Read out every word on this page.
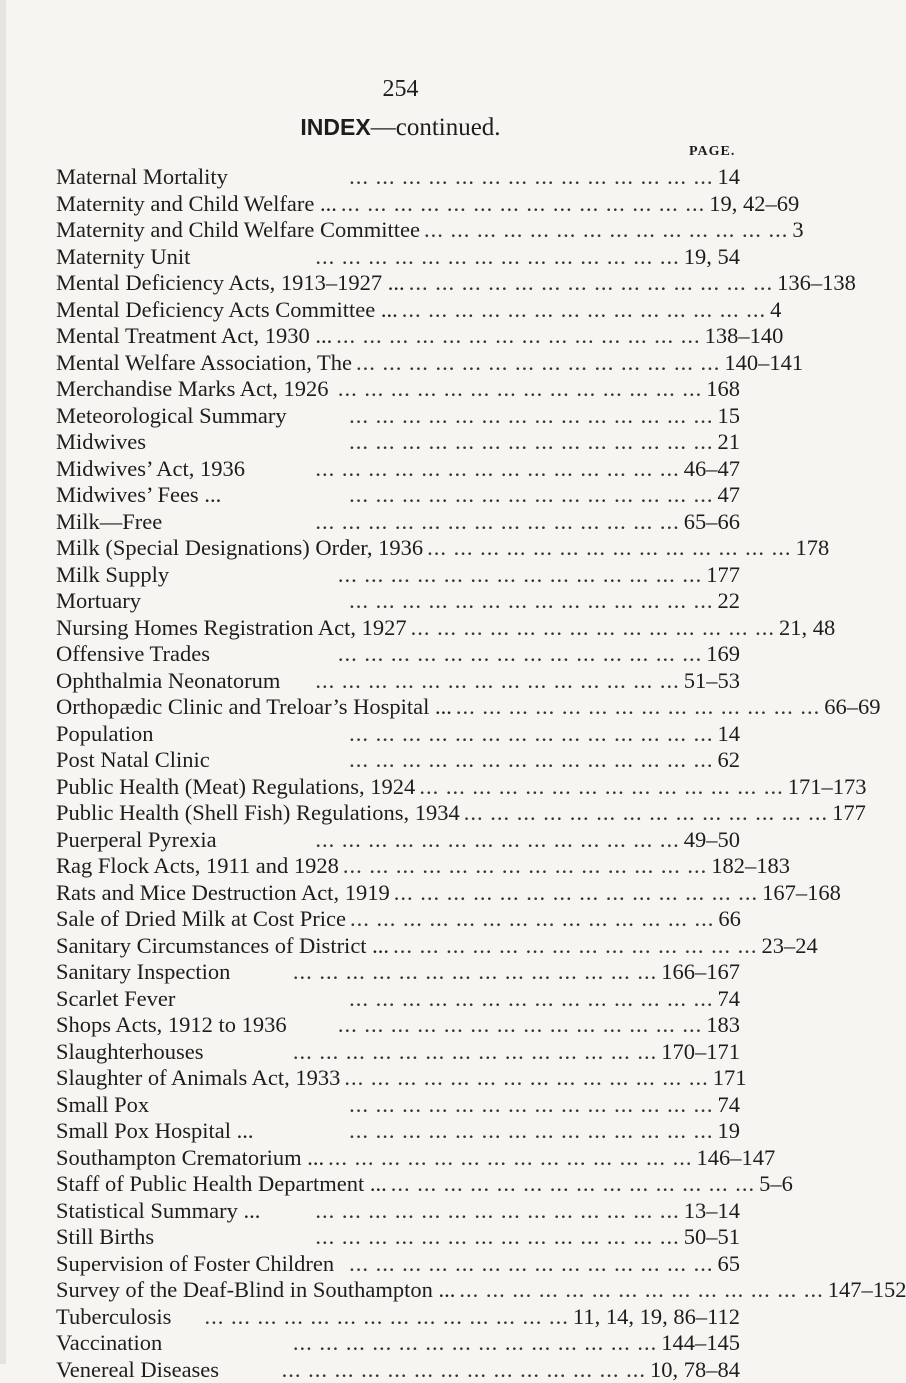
254
INDEX—continued.
PAGE.
Maternal Mortality	... ... ... ... ... ... ... ... ... ... ... ... ... ... 14
Maternity and Child Welfare ... ... ... ... ... ... ... ... ... ... ... ... ... ... ... 19, 42–69
Maternity and Child Welfare Committee ... ... ... ... ... ... ... ... ... ... ... ... ... ... 3
Maternity Unit	... ... ... ... ... ... ... ... ... ... ... ... ... ... 19, 54
Mental Deficiency Acts, 1913–1927 ... ... ... ... ... ... ... ... ... ... ... ... ... ... ... 136–138
Mental Deficiency Acts Committee ... ... ... ... ... ... ... ... ... ... ... ... ... ... ... 4
Mental Treatment Act, 1930 ... ... ... ... ... ... ... ... ... ... ... ... ... ... ... 138–140
Mental Welfare Association, The ... ... ... ... ... ... ... ... ... ... ... ... ... ... 140–141
Merchandise Marks Act, 1926 ... ... ... ... ... ... ... ... ... ... ... ... ... ... 168
Meteorological Summary	... ... ... ... ... ... ... ... ... ... ... ... ... ... 15
Midwives	... ... ... ... ... ... ... ... ... ... ... ... ... ... 21
Midwives’ Act, 1936	... ... ... ... ... ... ... ... ... ... ... ... ... ... 46–47
Midwives’ Fees ...	... ... ... ... ... ... ... ... ... ... ... ... ... ... 47
Milk—Free	... ... ... ... ... ... ... ... ... ... ... ... ... ... 65–66
Milk (Special Designations) Order, 1936 ... ... ... ... ... ... ... ... ... ... ... ... ... ... 178
Milk Supply	... ... ... ... ... ... ... ... ... ... ... ... ... ... 177
Mortuary	... ... ... ... ... ... ... ... ... ... ... ... ... ... 22
Nursing Homes Registration Act, 1927 ... ... ... ... ... ... ... ... ... ... ... ... ... ... 21, 48
Offensive Trades	... ... ... ... ... ... ... ... ... ... ... ... ... ... 169
Ophthalmia Neonatorum	... ... ... ... ... ... ... ... ... ... ... ... ... ... 51–53
Orthopædic Clinic and Treloar’s Hospital ... ... ... ... ... ... ... ... ... ... ... ... ... ... ... 66–69
Population	... ... ... ... ... ... ... ... ... ... ... ... ... ... 14
Post Natal Clinic	... ... ... ... ... ... ... ... ... ... ... ... ... ... 62
Public Health (Meat) Regulations, 1924 ... ... ... ... ... ... ... ... ... ... ... ... ... ... 171–173
Public Health (Shell Fish) Regulations, 1934 ... ... ... ... ... ... ... ... ... ... ... ... ... ... 177
Puerperal Pyrexia	... ... ... ... ... ... ... ... ... ... ... ... ... ... 49–50
Rag Flock Acts, 1911 and 1928 ... ... ... ... ... ... ... ... ... ... ... ... ... ... 182–183
Rats and Mice Destruction Act, 1919 ... ... ... ... ... ... ... ... ... ... ... ... ... ... 167–168
Sale of Dried Milk at Cost Price ... ... ... ... ... ... ... ... ... ... ... ... ... ... 66
Sanitary Circumstances of District ... ... ... ... ... ... ... ... ... ... ... ... ... ... ... 23–24
Sanitary Inspection	... ... ... ... ... ... ... ... ... ... ... ... ... ... 166–167
Scarlet Fever	... ... ... ... ... ... ... ... ... ... ... ... ... ... 74
Shops Acts, 1912 to 1936	... ... ... ... ... ... ... ... ... ... ... ... ... ... 183
Slaughterhouses	... ... ... ... ... ... ... ... ... ... ... ... ... ... 170–171
Slaughter of Animals Act, 1933 ... ... ... ... ... ... ... ... ... ... ... ... ... ... 171
Small Pox	... ... ... ... ... ... ... ... ... ... ... ... ... ... 74
Small Pox Hospital ...	... ... ... ... ... ... ... ... ... ... ... ... ... ... 19
Southampton Crematorium ... ... ... ... ... ... ... ... ... ... ... ... ... ... ... 146–147
Staff of Public Health Department ... ... ... ... ... ... ... ... ... ... ... ... ... ... ... 5–6
Statistical Summary ...	... ... ... ... ... ... ... ... ... ... ... ... ... ... 13–14
Still Births	... ... ... ... ... ... ... ... ... ... ... ... ... ... 50–51
Supervision of Foster Children ... ... ... ... ... ... ... ... ... ... ... ... ... ... 65
Survey of the Deaf-Blind in Southampton ... ... ... ... ... ... ... ... ... ... ... ... ... ... ... 147–152
Tuberculosis	... ... ... ... ... ... ... ... ... ... ... ... ... ... 11, 14, 19, 86–112
Vaccination	... ... ... ... ... ... ... ... ... ... ... ... ... ... 144–145
Venereal Diseases	... ... ... ... ... ... ... ... ... ... ... ... ... ... 10, 78–84
